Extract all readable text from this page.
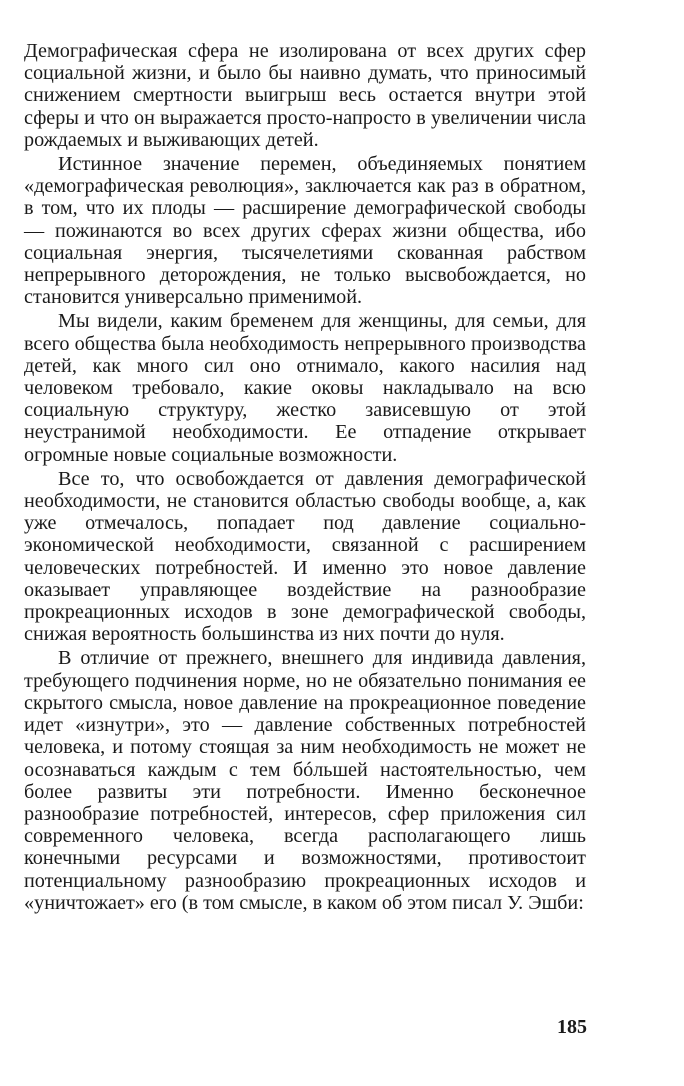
Демографическая сфера не изолирована от всех других сфер социальной жизни, и было бы наивно думать, что приносимый снижением смертности выигрыш весь остается внутри этой сферы и что он выражается просто-напросто в увеличении числа рождаемых и выживающих детей.

Истинное значение перемен, объединяемых понятием «демографическая революция», заключается как раз в обратном, в том, что их плоды — расширение демографической свободы — пожинаются во всех других сферах жизни общества, ибо социальная энергия, тысячелетиями скованная рабством непрерывного деторождения, не только высвобождается, но становится универсально применимой.

Мы видели, каким бременем для женщины, для семьи, для всего общества была необходимость непрерывного производства детей, как много сил оно отнимало, какого насилия над человеком требовало, какие оковы накладывало на всю социальную структуру, жестко зависевшую от этой неустранимой необходимости. Ее отпадение открывает огромные новые социальные возможности.

Все то, что освобождается от давления демографической необходимости, не становится областью свободы вообще, а, как уже отмечалось, попадает под давление социально-экономической необходимости, связанной с расширением человеческих потребностей. И именно это новое давление оказывает управляющее воздействие на разнообразие прокреационных исходов в зоне демографической свободы, снижая вероятность большинства из них почти до нуля.

В отличие от прежнего, внешнего для индивида давления, требующего подчинения норме, но не обязательно понимания ее скрытого смысла, новое давление на прокреационное поведение идет «изнутри», это — давление собственных потребностей человека, и потому стоящая за ним необходимость не может не осознаваться каждым с тем бóльшей настоятельностью, чем более развиты эти потребности. Именно бесконечное разнообразие потребностей, интересов, сфер приложения сил современного человека, всегда располагающего лишь конечными ресурсами и возможностями, противостоит потенциальному разнообразию прокреационных исходов и «уничтожает» его (в том смысле, в каком об этом писал У. Эшби:

185
